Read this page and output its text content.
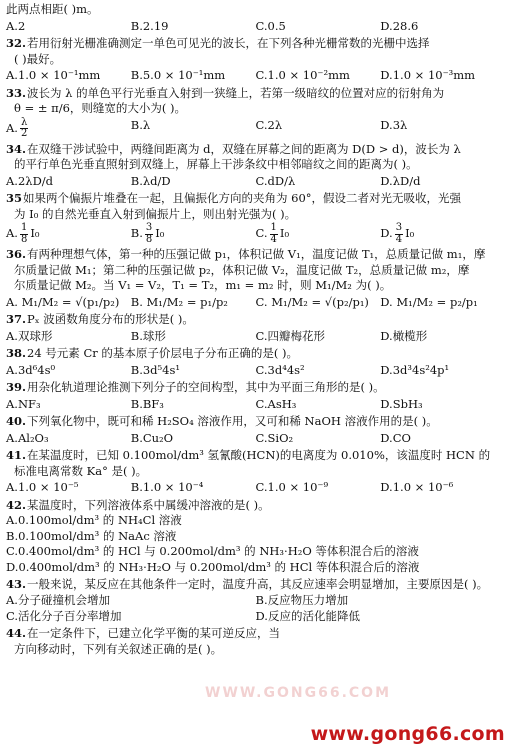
此两点相距( )m。
A.2	B.2.19	C.0.5	D.28.6
32. 若用衍射光栅准确测定一单色可见光的波长，在下列各种光栅常数的光栅中选择
( )最好。
A.1.0 × 10⁻¹mm	B.5.0 × 10⁻¹mm	C.1.0 × 10⁻²mm	D.1.0 × 10⁻³mm
33. 波长为 λ 的单色平行光垂直入射到一狭缝上，若第一级暗纹的位置对应的衍射角为
θ = ± π/6，则缝宽的大小为( )。
A. $\frac{\lambda}{2}$	B.λ	C.2λ	D.3λ
34. 在双缝干涉试验中，两缝间距离为 d，双缝在屏幕之间的距离为 D(D > d)，波长为 λ
的平行单色光垂直照射到双缝上，屏幕上干涉条纹中相邻暗纹之间的距离为( )。
A.2λD/d	B.λd/D	C.dD/λ	D.λD/d
35 如果两个偏振片堆叠在一起，且偏振化方向的夹角为 60°，假设二者对光无吸收，光强
为 I₀ 的自然光垂直入射到偏振片上，则出射光强为( )。
A. $\frac{1}{8} I_0$	B. $\frac{3}{8} I_0$	C. $\frac{1}{4} I_0$	D. $\frac{3}{4} I_0$
36. 有两种理想气体，第一种的压强记做 p₁，体积记做 V₁，温度记做 T₁，总质量记做 m₁，摩
尔质量记做 M₁；第二种的压强记做 p₂，体积记做 V₂，温度记做 T₂，总质量记做 m₂，摩
尔质量记做 M₂。当 V₁ = V₂，T₁ = T₂，m₁ = m₂ 时，则 M₁/M₂ 为( )。
A. M₁/M₂ = √(p₁/p₂) B. M₁/M₂ = p₁/p₂	C. M₁/M₂ = √(p₂/p₁) D. M₁/M₂ = p₂/p₁
37. Pₓ 波函数角度分布的形状是( )。
A.双球形	B.球形	C.四瓣梅花形	D.橄榄形
38. 24 号元素 Cr 的基本原子价层电子分布正确的是( )。
A.3d⁶4s⁰	B.3d⁵4s¹	C.3d⁴4s²	D.3d³4s²4p¹
39. 用杂化轨道理论推测下列分子的空间构型，其中为平面三角形的是( )。
A.NF₃	B.BF₃	C.AsH₃	D.SbH₃
40. 下列氧化物中，既可和稀 H₂SO₄ 溶液作用，又可和稀 NaOH 溶液作用的是( )。
A.Al₂O₃	B.Cu₂O	C.SiO₂	D.CO
41. 在某温度时，已知 0.100mol/dm³ 氢氰酸(HCN)的电离度为 0.010%，该温度时 HCN 的
标准电离常数 Ka° 是( )。
A.1.0 × 10⁻⁵	B.1.0 × 10⁻⁴	C.1.0 × 10⁻⁹	D.1.0 × 10⁻⁶
42. 某温度时，下列溶液体系中属缓冲溶液的是( )。
A.0.100mol/dm³ 的 NH₄Cl 溶液
B.0.100mol/dm³ 的 NaAc 溶液
C.0.400mol/dm³ 的 HCl 与 0.200mol/dm³ 的 NH₃·H₂O 等体积混合后的溶液
D.0.400mol/dm³ 的 NH₃·H₂O 与 0.200mol/dm³ 的 HCl 等体积混合后的溶液
43. 一般来说，某反应在其他条件一定时，温度升高，其反应速率会明显增加，主要原因是( )。
A.分子碰撞机会增加	B.反应物压力增加
C.活化分子百分率增加	D.反应的活化能降低
44. 在一定条件下，已建立化学平衡的某可逆反应，当
方向移动时，下列有关叙述正确的是( )。
WWW.GONG66.COM
www.gong66.com
